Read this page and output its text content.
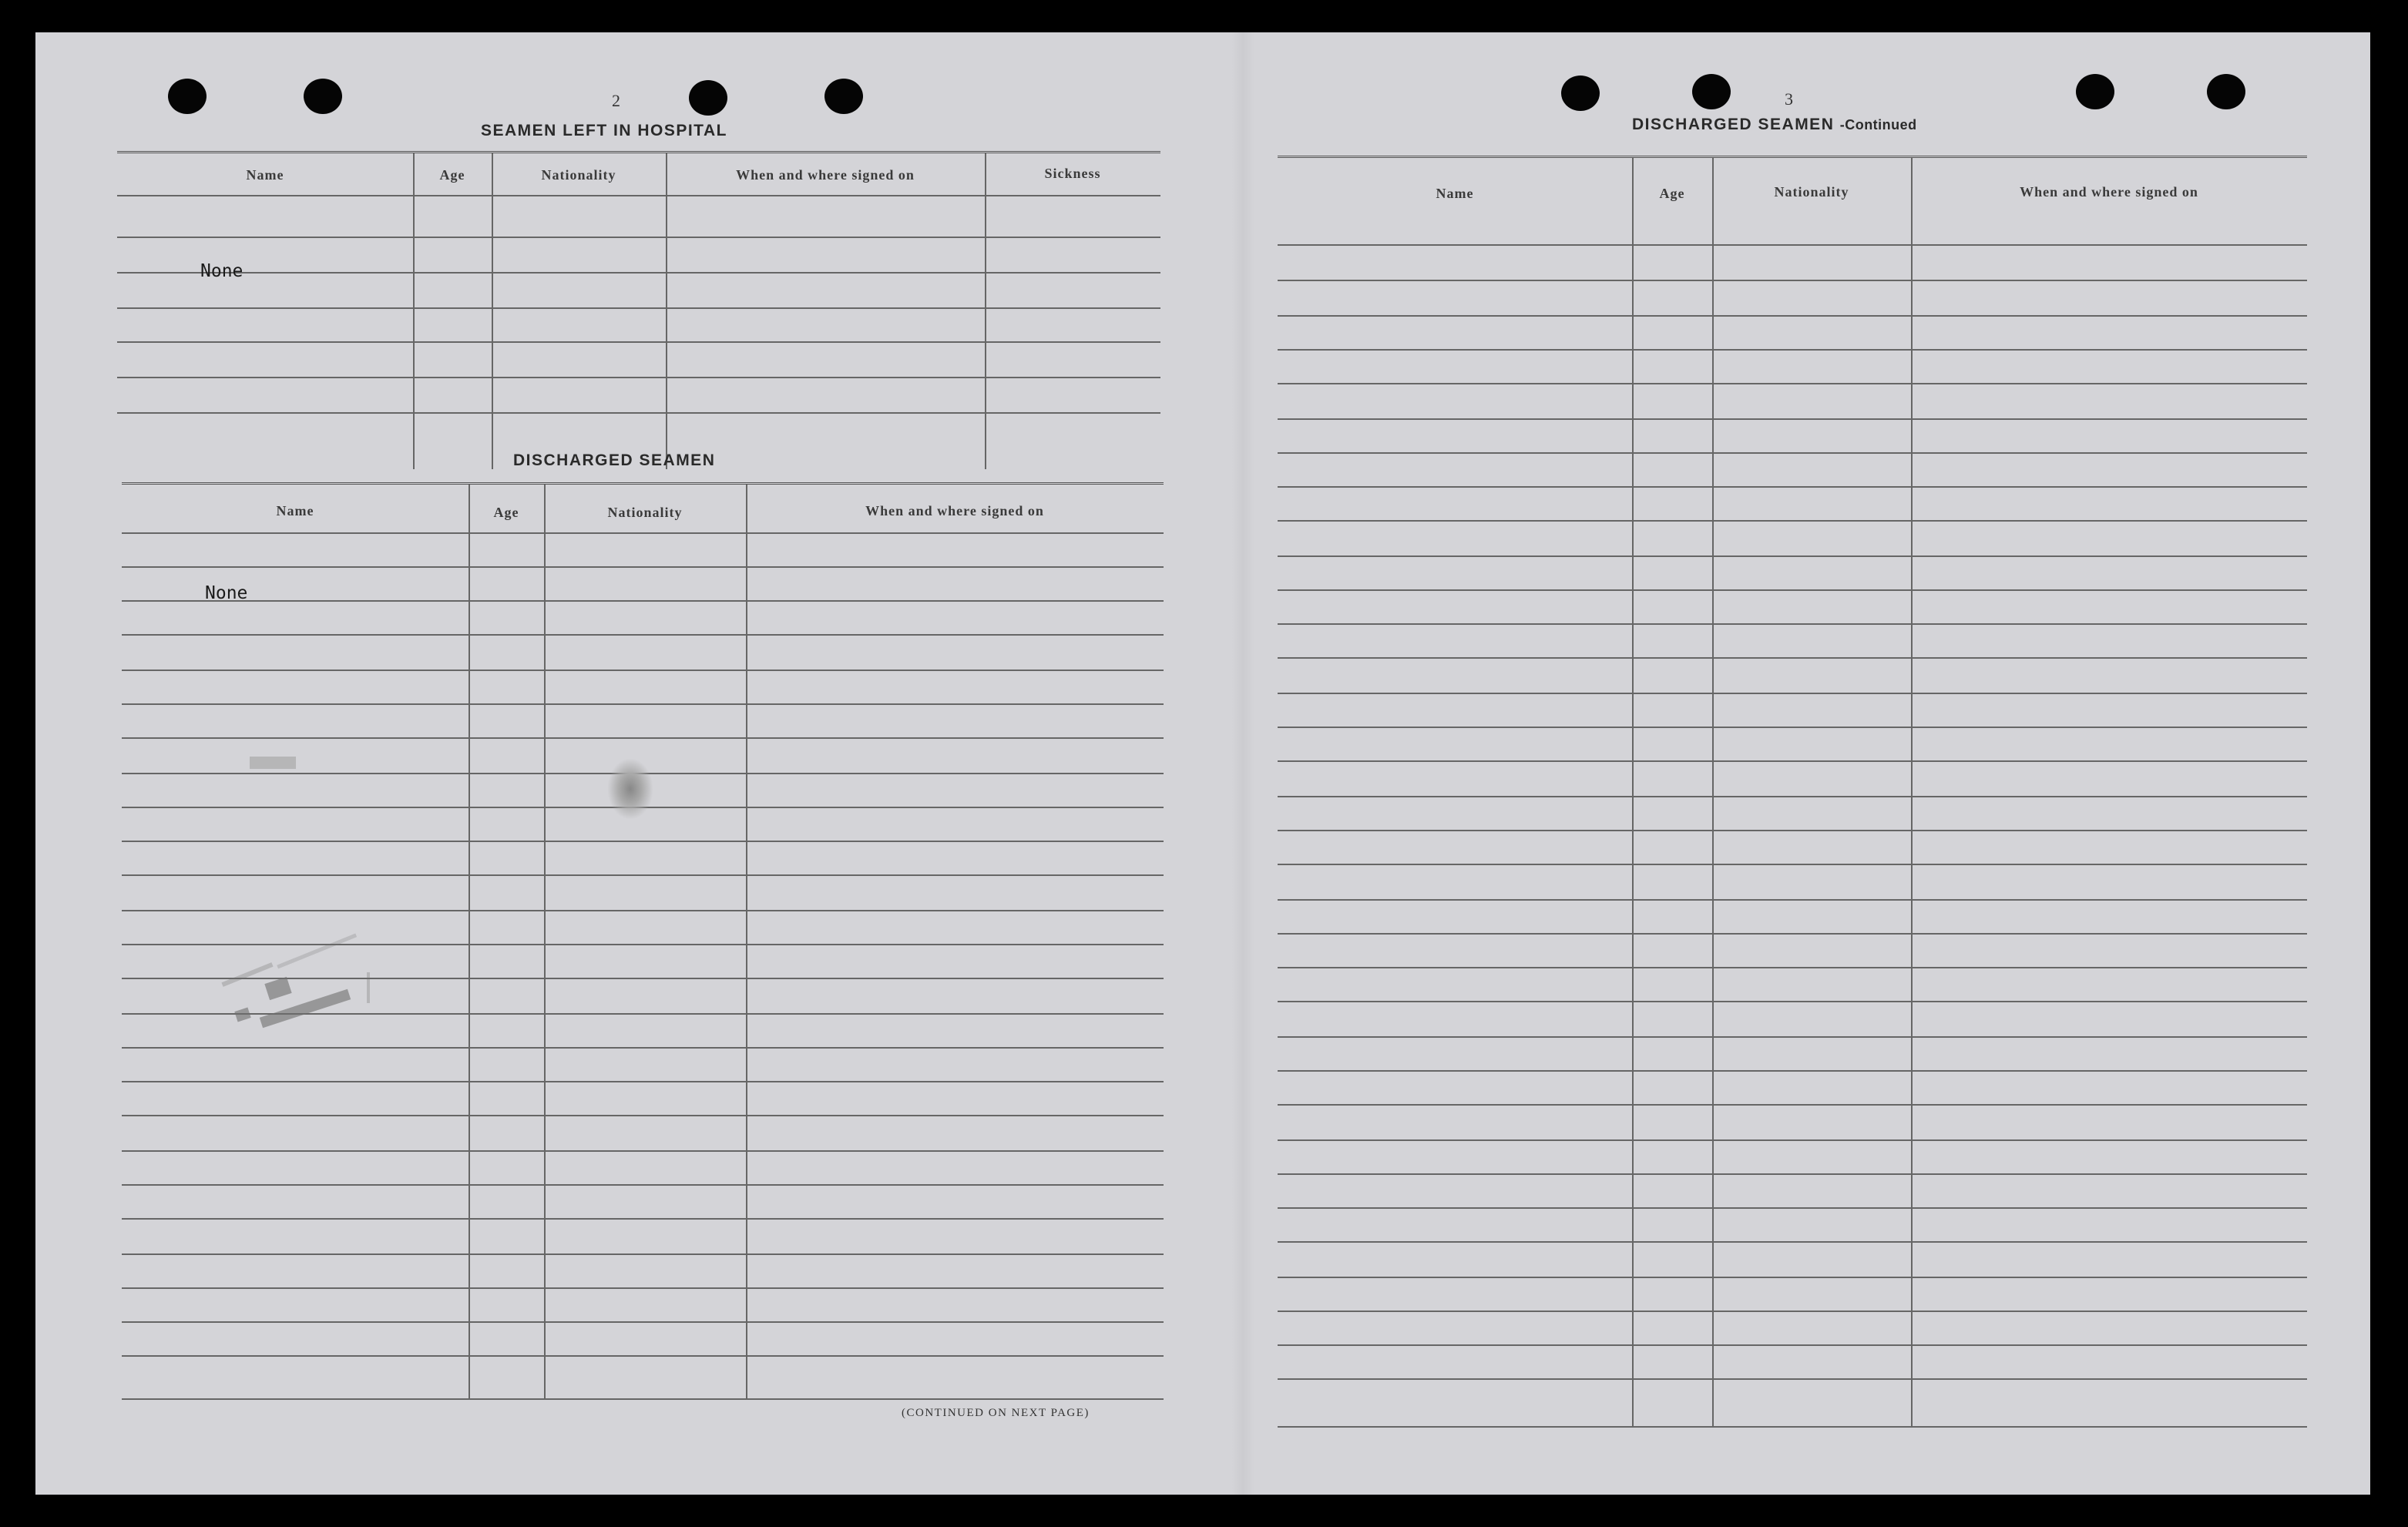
2
SEAMEN LEFT IN HOSPITAL
Name	Age	Nationality	When and where signed on	Sickness
None
DISCHARGED SEAMEN
Name	Age	Nationality	When and where signed on
None
(CONTINUED ON NEXT PAGE)
3
DISCHARGED SEAMEN -Continued
Name	Age	Nationality	When and where signed on
